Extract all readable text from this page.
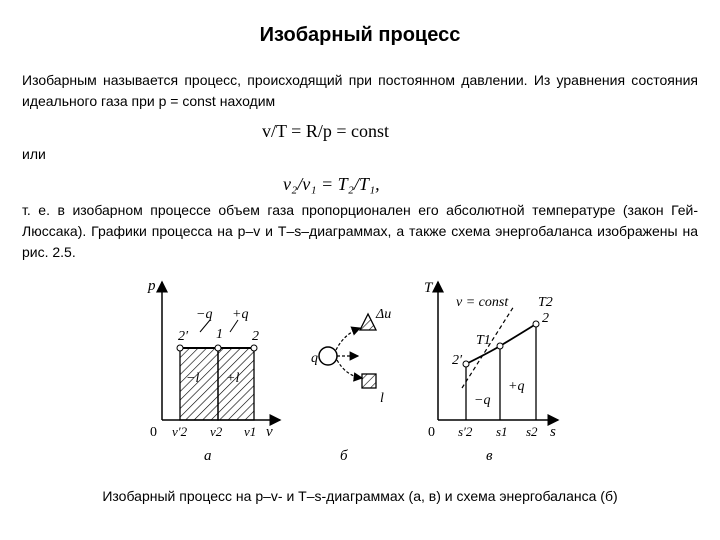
Изобарный процесс
Изобарным называется процесс, происходящий при постоянном давлении. Из уравнения состояния идеального газа при p = const находим
v/T = R/p = const
или
v₂/v₁ = T₂/T₁,
т. е. в изобарном процессе объем газа пропорционален его абсолютной температуре (закон Гей-Люссака). Графики процесса на p–v и T–s–диаграммах, а также схема энергобаланса изображены на рис. 2.5.
p
v
0
2′ 1 2
−q +q
−l +l
v′2 v2 v1
а
q
Δu
l
б
T
s
0
v = const T2
2
T1
2′
+q
−q
s′2 s1 s2
в
Изобарный процесс на p–v- и T–s-диаграммах (a, в) и схема энергобаланса (б)
